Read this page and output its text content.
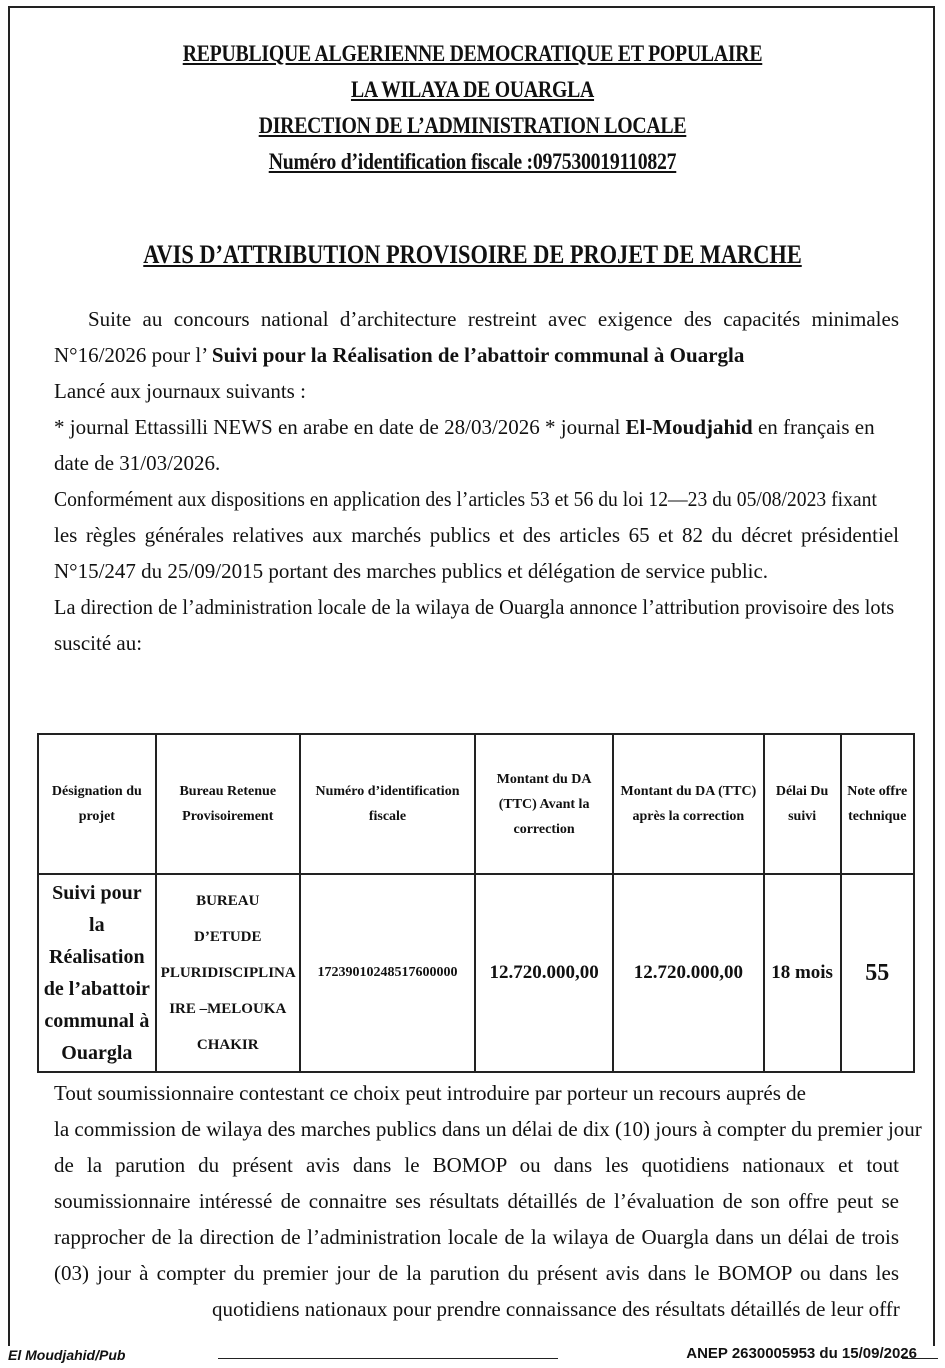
REPUBLIQUE ALGERIENNE DEMOCRATIQUE ET POPULAIRE
LA WILAYA DE OUARGLA
DIRECTION DE L’ADMINISTRATION LOCALE
Numéro d’identification fiscale :097530019110827
AVIS D’ATTRIBUTION PROVISOIRE DE PROJET DE MARCHE
Suite au concours national d’architecture restreint avec exigence des capacités minimales
N°16/2026 pour l’ Suivi pour la Réalisation de l’abattoir communal à Ouargla
Lancé aux journaux suivants :
* journal Ettassilli NEWS en arabe en date de 28/03/2026 * journal El-Moudjahid en français en
date de 31/03/2026.
Conformément aux dispositions en application des l’articles 53 et 56 du loi 12—23 du 05/08/2023 fixant
les règles générales relatives aux marchés publics et des articles 65 et 82 du décret présidentiel
N°15/247 du 25/09/2015 portant des marches publics et délégation de service public.
La direction de l’administration locale de la wilaya de Ouargla annonce l’attribution provisoire des lots
suscité au:
Désignation du projet	Bureau Retenue Provisoirement	Numéro d’identification fiscale	Montant du DA (TTC) Avant la correction	Montant du DA (TTC) après la correction	Délai Du suivi	Note offre technique
Suivi pour la Réalisation de l’abattoir communal à Ouargla	BUREAU D’ETUDE PLURIDISCIPLINA IRE –MELOUKA CHAKIR	17239010248517600000	12.720.000,00	12.720.000,00	18 mois	55
Tout soumissionnaire contestant ce choix peut introduire par porteur un recours auprés de
la commission de wilaya des marches publics dans un délai de dix (10) jours à compter du premier jour
de la parution du présent avis dans le BOMOP ou dans les quotidiens nationaux et tout
soumissionnaire intéressé de connaitre ses résultats détaillés de l’évaluation de son offre peut se
rapprocher de la direction de l’administration locale de la wilaya de Ouargla dans un délai de trois
(03) jour à compter du premier jour de la parution du présent avis dans le BOMOP ou dans les
quotidiens nationaux pour prendre connaissance des résultats détaillés de leur offr
El Moudjahid/Pub	ANEP 2630005953 du 15/09/2026
